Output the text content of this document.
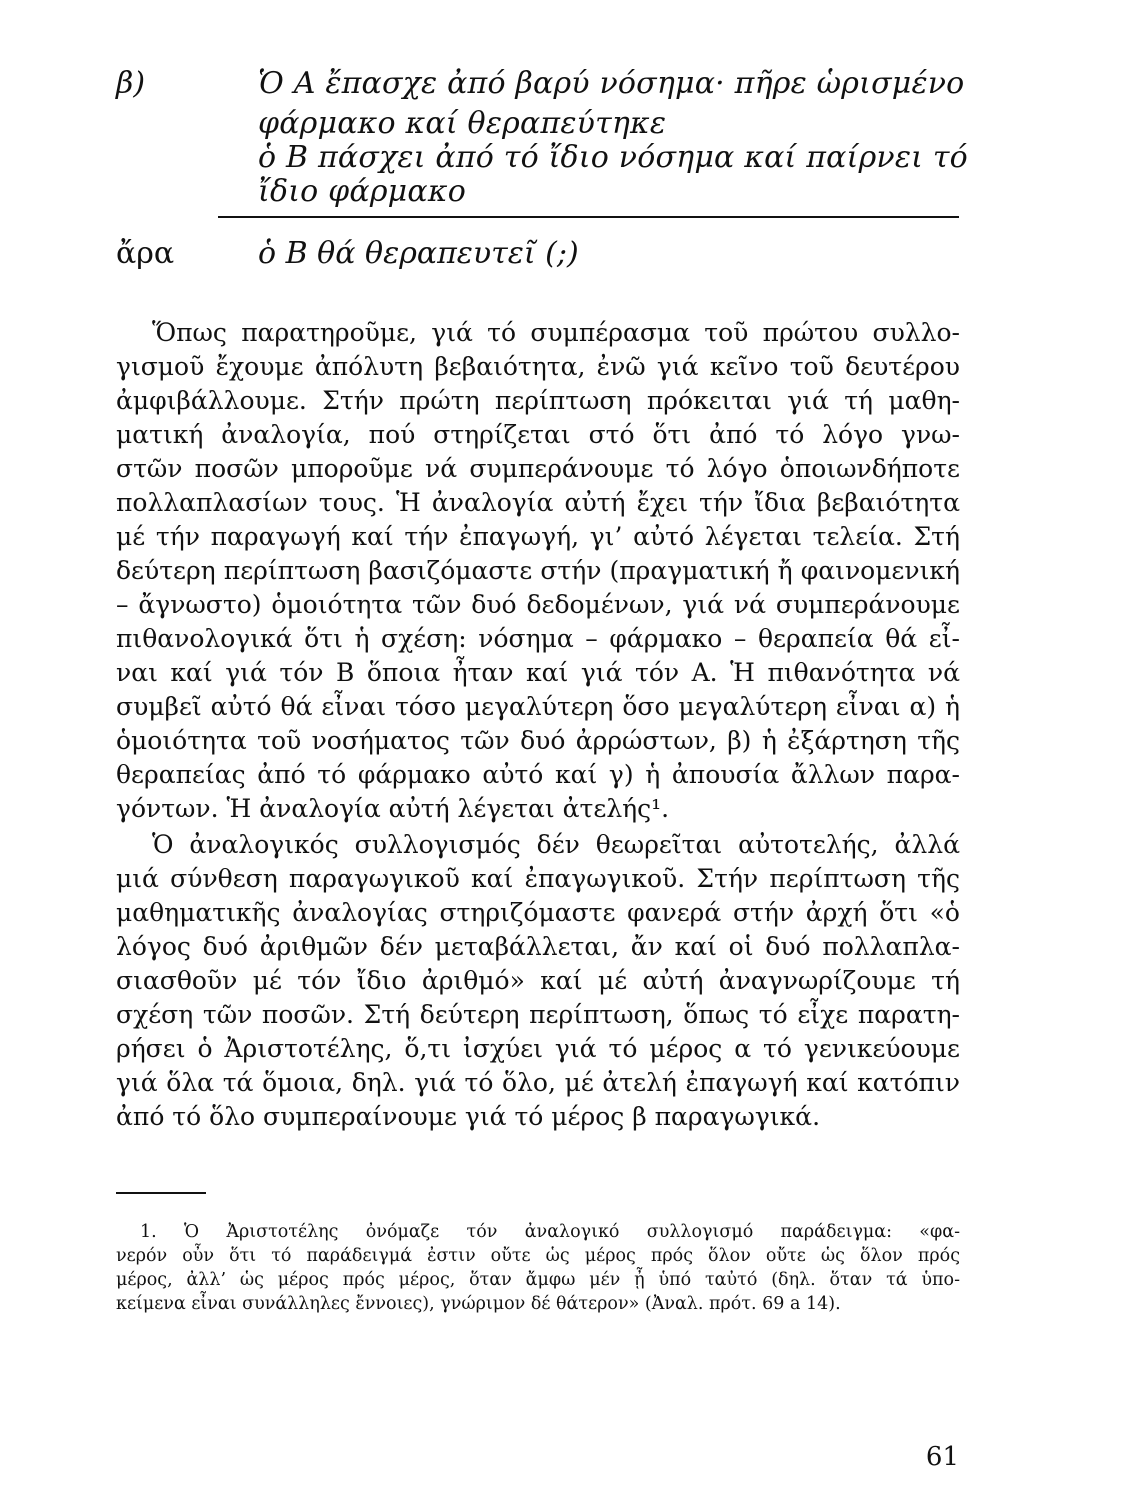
β)	Ὁ Α ἔπασχε ἀπό βαρύ νόσημα· πῆρε ὡρισμένο
φάρμακο καί θεραπεύτηκε
ὁ Β πάσχει ἀπό τό ἴδιο νόσημα καί παίρνει τό
ἴδιο φάρμακο
ἄρα	ὁ Β θά θεραπευτεῖ (;)
Ὅπως παρατηροῦμε, γιά τό συμπέρασμα τοῦ πρώτου συλλο-
γισμοῦ ἔχουμε ἀπόλυτη βεβαιότητα, ἐνῶ γιά κεῖνο τοῦ δευτέρου
ἀμφιβάλλουμε. Στήν πρώτη περίπτωση πρόκειται γιά τή μαθη-
ματική ἀναλογία, πού στηρίζεται στό ὅτι ἀπό τό λόγο γνω-
στῶν ποσῶν μποροῦμε νά συμπεράνουμε τό λόγο ὁποιωνδήποτε
πολλαπλασίων τους. Ἡ ἀναλογία αὐτή ἔχει τήν ἴδια βεβαιότητα
μέ τήν παραγωγή καί τήν ἐπαγωγή, γι’ αὐτό λέγεται τελεία. Στή
δεύτερη περίπτωση βασιζόμαστε στήν (πραγματική ἤ φαινομενική
– ἄγνωστο) ὁμοιότητα τῶν δυό δεδομένων, γιά νά συμπεράνουμε
πιθανολογικά ὅτι ἡ σχέση: νόσημα – φάρμακο – θεραπεία θά εἶ-
ναι καί γιά τόν Β ὅποια ἦταν καί γιά τόν Α. Ἡ πιθανότητα νά
συμβεῖ αὐτό θά εἶναι τόσο μεγαλύτερη ὅσο μεγαλύτερη εἶναι α) ἡ
ὁμοιότητα τοῦ νοσήματος τῶν δυό ἀρρώστων, β) ἡ ἐξάρτηση τῆς
θεραπείας ἀπό τό φάρμακο αὐτό καί γ) ἡ ἀπουσία ἄλλων παρα-
γόντων. Ἡ ἀναλογία αὐτή λέγεται ἀτελής¹.
Ὁ ἀναλογικός συλλογισμός δέν θεωρεῖται αὐτοτελής, ἀλλά
μιά σύνθεση παραγωγικοῦ καί ἐπαγωγικοῦ. Στήν περίπτωση τῆς
μαθηματικῆς ἀναλογίας στηριζόμαστε φανερά στήν ἀρχή ὅτι «ὁ
λόγος δυό ἀριθμῶν δέν μεταβάλλεται, ἄν καί οἱ δυό πολλαπλα-
σιασθοῦν μέ τόν ἴδιο ἀριθμό» καί μέ αὐτή ἀναγνωρίζουμε τή
σχέση τῶν ποσῶν. Στή δεύτερη περίπτωση, ὅπως τό εἶχε παρατη-
ρήσει ὁ Ἀριστοτέλης, ὅ,τι ἰσχύει γιά τό μέρος α τό γενικεύουμε
γιά ὅλα τά ὅμοια, δηλ. γιά τό ὅλο, μέ ἀτελή ἐπαγωγή καί κατόπιν
ἀπό τό ὅλο συμπεραίνουμε γιά τό μέρος β παραγωγικά.
1. Ὁ Ἀριστοτέλης ὀνόμαζε τόν ἀναλογικό συλλογισμό παράδειγμα: «φα-
νερόν οὖν ὅτι τό παράδειγμά ἐστιν οὔτε ὡς μέρος πρός ὅλον οὔτε ὡς ὅλον πρός
μέρος, ἀλλ’ ὡς μέρος πρός μέρος, ὅταν ἄμφω μέν ᾖ ὑπό ταὐτό (δηλ. ὅταν τά ὑπο-
κείμενα εἶναι συνάλληλες ἔννοιες), γνώριμον δέ θάτερον» (Ἀναλ. πρότ. 69 a 14).
61
